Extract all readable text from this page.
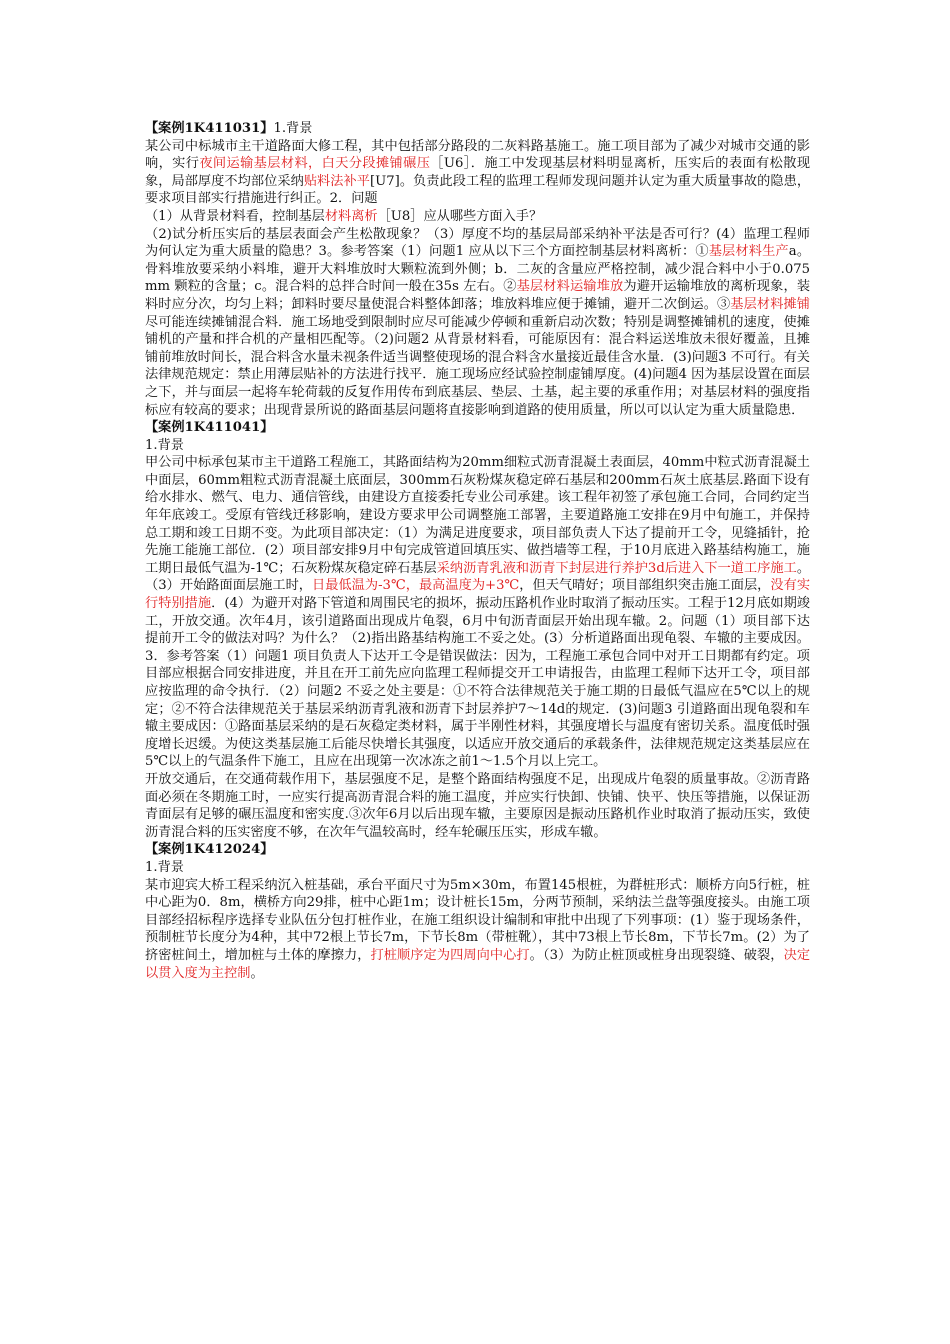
【案例1K411031】1.背景

某公司中标城市主干道路面大修工程，其中包括部分路段的二灰料路基施工。施工项目部为了减少对城市交通的影响，实行夜间运输基层材料，白天分段摊铺碾压［U6］．施工中发现基层材料明显离析，压实后的表面有松散现象，局部厚度不均部位采纳贴料法补平[U7]。负责此段工程的监理工程师发现问题并认定为重大质量事故的隐患，要求项目部实行措施进行纠正。2．问题

（1）从背景材料看，控制基层材料离析［U8］应从哪些方面入手？

（2)试分析压实后的基层表面会产生松散现象？（3）厚度不均的基层局部采纳补平法是否可行？(4）监理工程师为何认定为重大质量的隐患？3。参考答案（1）问题1 应从以下三个方面控制基层材料离析：①基层材料生产a。骨料堆放要采纳小料堆，避开大料堆放时大颗粒流到外侧；b．二灰的含量应严格控制，减少混合料中小于0.075mm 颗粒的含量；c。混合料的总拌合时间一般在35s 左右。②基层材料运输堆放为避开运输堆放的离析现象，装料时应分次，均匀上料；卸料时要尽量使混合料整体卸落；堆放料堆应便于摊铺，避开二次倒运。③基层材料摊铺尽可能连续摊铺混合料．施工场地受到限制时应尽可能减少停顿和重新启动次数；特别是调整摊铺机的速度，使摊铺机的产量和拌合机的产量相匹配等。（2)问题2 从背景材料看，可能原因有：混合料运送堆放未很好覆盖，且摊铺前堆放时间长，混合料含水量未视条件适当调整使现场的混合料含水量接近最佳含水量．(3)问题3 不可行。有关法律规范规定：禁止用薄层贴补的方法进行找平．施工现场应经试验控制虚铺厚度。(4)问题4 因为基层设置在面层之下，并与面层一起将车轮荷载的反复作用传布到底基层、垫层、土基，起主要的承重作用；对基层材料的强度指标应有较高的要求；出现背景所说的路面基层问题将直接影响到道路的使用质量，所以可以认定为重大质量隐患．

【案例1K411041】

1.背景

甲公司中标承包某市主干道路工程施工，其路面结构为20mm细粒式沥青混凝土表面层，40mm中粒式沥青混凝土中面层，60mm粗粒式沥青混凝土底面层，300mm石灰粉煤灰稳定碎石基层和200mm石灰土底基层.路面下设有给水排水、燃气、电力、通信管线，由建设方直接委托专业公司承建。该工程年初签了承包施工合同，合同约定当年年底竣工。受原有管线迁移影响，建设方要求甲公司调整施工部署，主要道路施工安排在9月中旬施工，并保持总工期和竣工日期不变。为此项目部决定：（1）为满足进度要求，项目部负责人下达了提前开工令，见缝插针，抢先施工能施工部位．(2）项目部安排9月中旬完成管道回填压实、做挡墙等工程，于10月底进入路基结构施工，施工期日最低气温为-1℃；石灰粉煤灰稳定碎石基层采纳沥青乳液和沥青下封层进行养护3d后进入下一道工序施工。（3）开始路面面层施工时，日最低温为-3℃，最高温度为+3℃，但天气晴好；项目部组织突击施工面层，没有实行特别措施．(4）为避开对路下管道和周围民宅的损坏，振动压路机作业时取消了振动压实。工程于12月底如期竣工，开放交通。次年4月，该引道路面出现成片龟裂，6月中旬沥青面层开始出现车辙。2。问题（1）项目部下达提前开工令的做法对吗？为什么？（2)指出路基结构施工不妥之处。(3）分析道路面出现龟裂、车辙的主要成因。3．参考答案（1）问题1 项目负责人下达开工令是错误做法：因为，工程施工承包合同中对开工日期都有约定。项目部应根据合同安排进度，并且在开工前先应向监理工程师提交开工申请报告，由监理工程师下达开工令，项目部应按监理的命令执行．（2）问题2 不妥之处主要是：①不符合法律规范关于施工期的日最低气温应在5℃以上的规定；②不符合法律规范关于基层采纳沥青乳液和沥青下封层养护7～14d的规定．(3)问题3 引道路面出现龟裂和车辙主要成因：①路面基层采纳的是石灰稳定类材料，属于半刚性材料，其强度增长与温度有密切关系。温度低时强度增长迟缓。为使这类基层施工后能尽快增长其强度，以适应开放交通后的承载条件，法律规范规定这类基层应在5℃以上的气温条件下施工，且应在出现第一次冰冻之前1～1.5个月以上完工。

开放交通后，在交通荷载作用下，基层强度不足，是整个路面结构强度不足，出现成片龟裂的质量事故。②沥青路面必须在冬期施工时，一应实行提高沥青混合料的施工温度，并应实行快卸、快铺、快平、快压等措施，以保证沥青面层有足够的碾压温度和密实度.③次年6月以后出现车辙，主要原因是振动压路机作业时取消了振动压实，致使沥青混合料的压实密度不够，在次年气温较高时，经车轮碾压压实，形成车辙。

【案例1K412024】

1.背景

某市迎宾大桥工程采纳沉入桩基础，承台平面尺寸为5m×30m，布置145根桩，为群桩形式：顺桥方向5行桩，桩中心距为0．8m，横桥方向29排，桩中心距1m；设计桩长15m，分两节预制，采纳法兰盘等强度接头。由施工项目部经招标程序选择专业队伍分包打桩作业，在施工组织设计编制和审批中出现了下列事项：(1）鉴于现场条件，预制桩节长度分为4种，其中72根上节长7m，下节长8m（带桩靴），其中73根上节长8m，下节长7m。(2）为了挤密桩间土，增加桩与土体的摩擦力，打桩顺序定为四周向中心打。（3）为防止桩顶或桩身出现裂缝、破裂，决定以贯入度为主控制。
